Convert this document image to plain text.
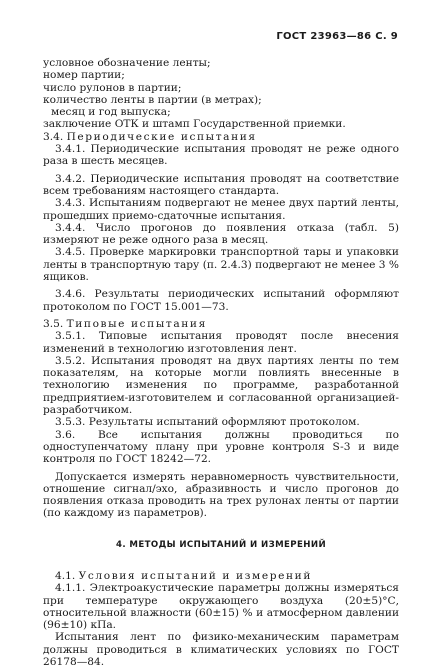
ГОСТ 23963—86 С. 9

условное обозначение ленты;

номер партии;

число рулонов в партии;

количество ленты в партии (в метрах);

месяц и год выпуска;

заключение ОТК и штамп Государственной приемки.

3.4. Периодические испытания

3.4.1. Периодические испытания проводят не реже одного раза в шесть месяцев.

3.4.2. Периодические испытания проводят на соответствие всем требованиям настоящего стандарта.

3.4.3. Испытаниям подвергают не менее двух партий ленты, прошедших приемо-сдаточные испытания.

3.4.4. Число прогонов до появления отказа (табл. 5) измеряют не реже одного раза в месяц.

3.4.5. Проверке маркировки транспортной тары и упаковки ленты в транспортную тару (п. 2.4.3) подвергают не менее 3 % ящиков.

3.4.6. Результаты периодических испытаний оформляют протоколом по ГОСТ 15.001—73.

3.5. Типовые испытания

3.5.1. Типовые испытания проводят после внесения изменений в технологию изготовления лент.

3.5.2. Испытания проводят на двух партиях ленты по тем показателям, на которые могли повлиять внесенные в технологию изменения по программе, разработанной предприятием-изготовителем и согласованной организацией-разработчиком.

3.5.3. Результаты испытаний оформляют протоколом.

3.6. Все испытания должны проводиться по одноступенчатому плану при уровне контроля S-3 и виде контроля по ГОСТ 18242—72.

Допускается измерять неравномерность чувствительности, отношение сигнал/эхо, абразивность и число прогонов до появления отказа проводить на трех рулонах ленты от партии (по каждому из параметров).

4. МЕТОДЫ ИСПЫТАНИЙ И ИЗМЕРЕНИЙ

4.1. Условия испытаний и измерений

4.1.1. Электроакустические параметры должны измеряться при температуре окружающего воздуха (20±5)°С, относительной влажности (60±15) % и атмосферном давлении (96±10) кПа.

Испытания лент по физико-механическим параметрам должны проводиться в климатических условиях по ГОСТ 26178—84.
